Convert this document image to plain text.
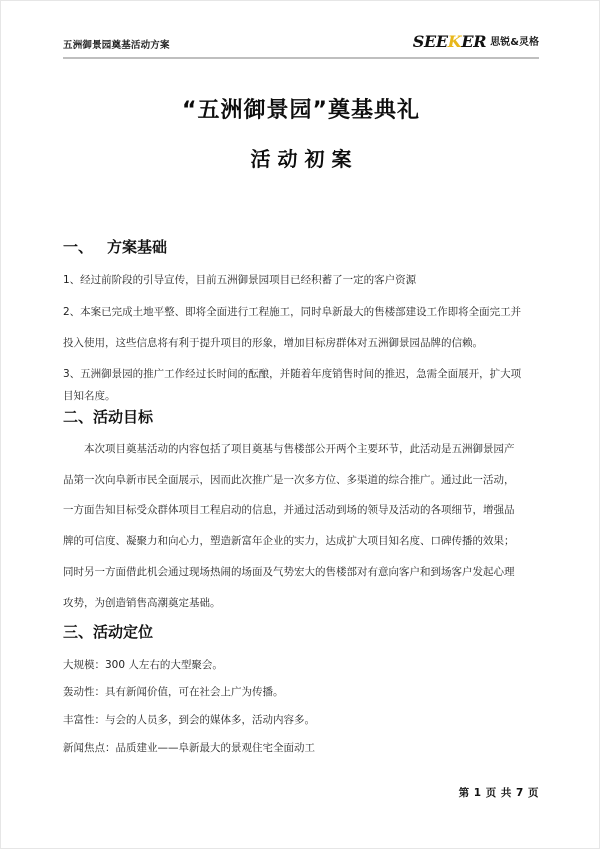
五洲御景园奠基活动方案	SEEKER 思锐&灵格
“五洲御景园”奠基典礼
活动初案
一、 方案基础
1、经过前阶段的引导宣传，目前五洲御景园项目已经积蓄了一定的客户资源
2、本案已完成土地平整、即将全面进行工程施工，同时阜新最大的售楼部建设工作即将全面完工并
投入使用，这些信息将有利于提升项目的形象，增加目标房群体对五洲御景园品牌的信赖。
3、五洲御景园的推广工作经过长时间的酝酿，并随着年度销售时间的推迟，急需全面展开，扩大项
目知名度。
二、活动目标
本次项目奠基活动的内容包括了项目奠基与售楼部公开两个主要环节，此活动是五洲御景园产
品第一次向阜新市民全面展示，因而此次推广是一次多方位、多渠道的综合推广。通过此一活动，
一方面告知目标受众群体项目工程启动的信息，并通过活动到场的领导及活动的各项细节，增强品
牌的可信度、凝聚力和向心力，塑造新富年企业的实力，达成扩大项目知名度、口碑传播的效果；
同时另一方面借此机会通过现场热闹的场面及气势宏大的售楼部对有意向客户和到场客户发起心理
攻势，为创造销售高潮奠定基础。
三、活动定位
大规模：300 人左右的大型聚会。
轰动性：具有新闻价值，可在社会上广为传播。
丰富性：与会的人员多，到会的媒体多，活动内容多。
新闻焦点：品质建业——阜新最大的景观住宅全面动工
第 1 页 共 7 页
